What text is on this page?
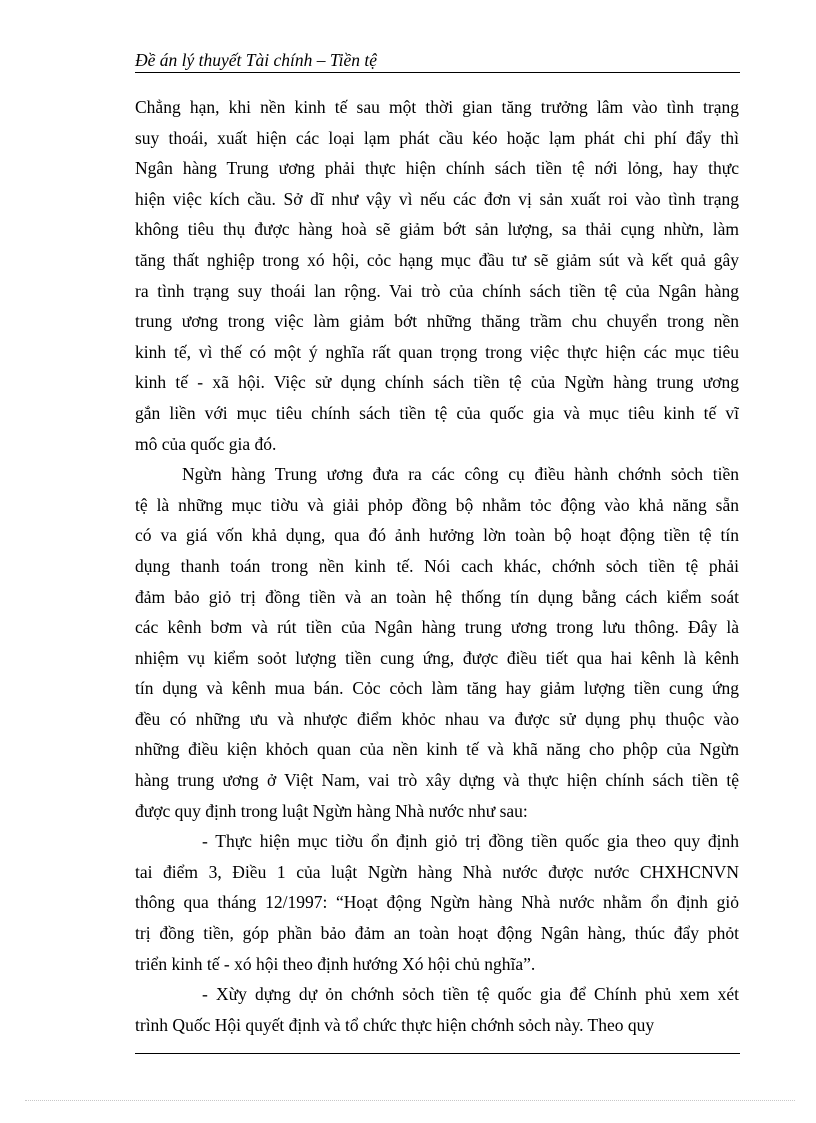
Đề án lý thuyết Tài chính – Tiền tệ
Chẳng hạn, khi nền kinh tế sau một thời gian tăng trưởng lâm vào tình trạng
suy thoái, xuất hiện các loại lạm phát cầu kéo hoặc lạm phát chi phí đẩy thì
Ngân hàng Trung ương phải thực hiện chính sách tiền tệ nới lỏng, hay thực
hiện việc kích cầu. Sở dĩ như vậy vì nếu các đơn vị sản xuất roi vào tình trạng
không tiêu thụ được hàng hoà sẽ giảm bớt sản lượng, sa thải cụng nhừn, làm
tăng thất nghiệp trong xó hội, cỏc hạng mục đầu tư sẽ giảm sút và kết quả gây
ra tình trạng suy thoái lan rộng. Vai trò của chính sách tiền tệ của Ngân hàng
trung ương trong việc làm giảm bớt những thăng trầm chu chuyển trong nền
kinh tế, vì thế có một ý nghĩa rất quan trọng trong việc thực hiện các mục tiêu
kinh tế - xã hội. Việc sử dụng chính sách tiền tệ của Ngừn hàng trung ương
gắn liền với mục tiêu chính sách tiền tệ của quốc gia và mục tiêu kinh tế vĩ
mô của quốc gia đó.
Ngừn hàng Trung ương đưa ra các công cụ điều hành chớnh sỏch tiền
tệ là những mục tiờu và giải phỏp đồng bộ nhằm tỏc động vào khả năng sẵn
có va giá vốn khả dụng, qua đó ảnh hưởng lờn toàn bộ hoạt động tiền tệ tín
dụng thanh toán trong nền kinh tế. Nói cach khác, chớnh sỏch tiền tệ phải
đảm bảo giỏ trị đồng tiền và an toàn hệ thống tín dụng bằng cách kiểm soát
các kênh bơm và rút tiền của Ngân hàng trung ương trong lưu thông. Đây là
nhiệm vụ kiểm soỏt lượng tiền cung ứng, được điều tiết qua hai kênh là kênh
tín dụng và kênh mua bán. Cỏc cỏch làm tăng hay giảm lượng tiền cung ứng
đều có những ưu và nhược điểm khỏc nhau va được sử dụng phụ thuộc vào
những điều kiện khỏch quan của nền kinh tế và khã năng cho phộp của Ngừn
hàng trung ương ở Việt Nam, vai trò xây dựng và thực hiện chính sách tiền tệ
được quy định trong luật Ngừn hàng Nhà nước như sau:
- Thực hiện mục tiờu ổn định giỏ trị đồng tiền quốc gia theo quy định
tai điểm 3, Điều 1 của luật Ngừn hàng Nhà nước được nước CHXHCNVN
thông qua tháng 12/1997: “Hoạt động Ngừn hàng Nhà nước nhằm ổn định giỏ
trị đồng tiền, góp phần bảo đảm an toàn hoạt động Ngân hàng, thúc đẩy phỏt
triển kinh tế - xó hội theo định hướng Xó hội chủ nghĩa”.
- Xừy dựng dự ỏn chớnh sỏch tiền tệ quốc gia để Chính phủ xem xét
trình Quốc Hội quyết định và tổ chức thực hiện chớnh sỏch này. Theo quy
